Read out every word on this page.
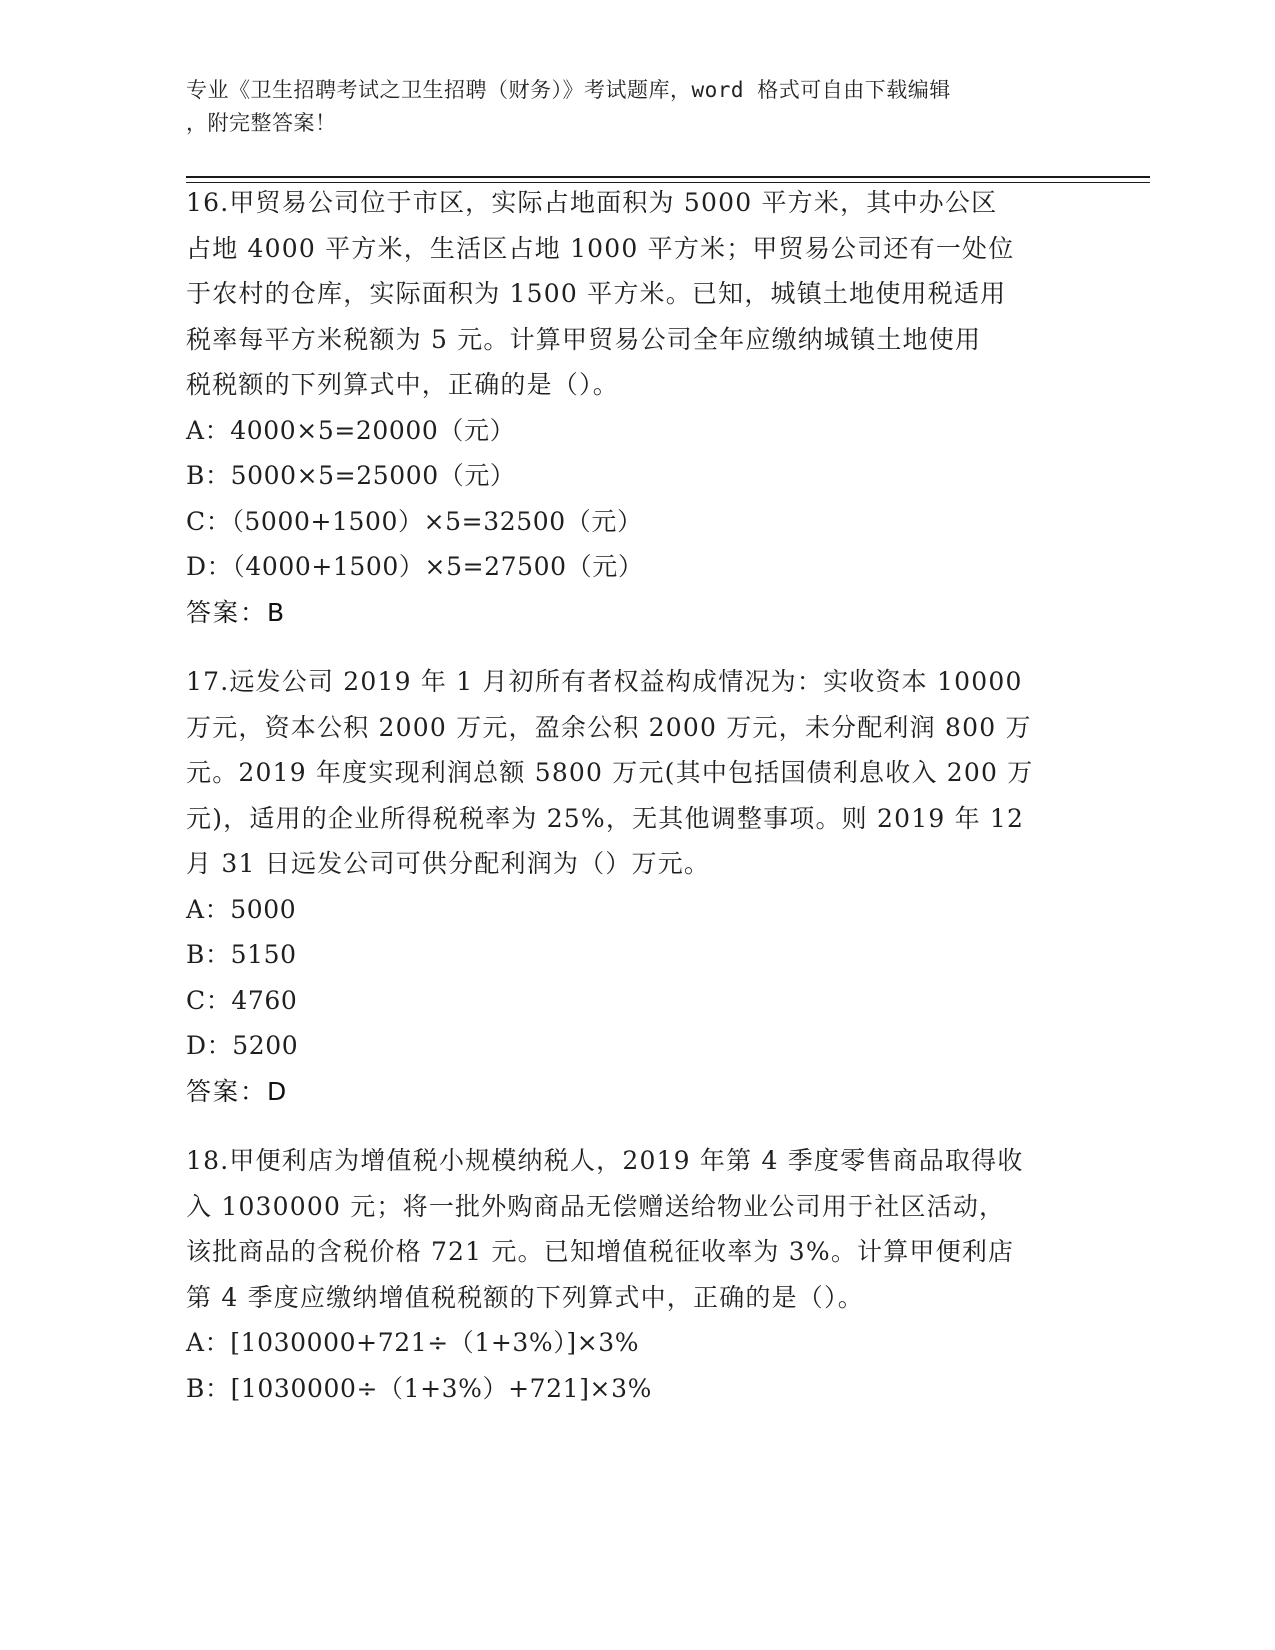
专业《卫生招聘考试之卫生招聘（财务）》考试题库，word 格式可自由下载编辑
，附完整答案！
16.甲贸易公司位于市区，实际占地面积为 5000 平方米，其中办公区
占地 4000 平方米，生活区占地 1000 平方米；甲贸易公司还有一处位
于农村的仓库，实际面积为 1500 平方米。已知，城镇土地使用税适用
税率每平方米税额为 5 元。计算甲贸易公司全年应缴纳城镇土地使用
税税额的下列算式中，正确的是（）。
A：4000×5=20000（元）
B：5000×5=25000（元）
C：（5000+1500）×5=32500（元）
D：（4000+1500）×5=27500（元）
答案：B
17.远发公司 2019 年 1 月初所有者权益构成情况为：实收资本 10000
万元，资本公积 2000 万元，盈余公积 2000 万元，未分配利润 800 万
元。2019 年度实现利润总额 5800 万元(其中包括国债利息收入 200 万
元)，适用的企业所得税税率为 25%，无其他调整事项。则 2019 年 12
月 31 日远发公司可供分配利润为（）万元。
A：5000
B：5150
C：4760
D：5200
答案：D
18.甲便利店为增值税小规模纳税人，2019 年第 4 季度零售商品取得收
入 1030000 元；将一批外购商品无偿赠送给物业公司用于社区活动，
该批商品的含税价格 721 元。已知增值税征收率为 3%。计算甲便利店
第 4 季度应缴纳增值税税额的下列算式中，正确的是（）。
A：[1030000+721÷（1+3%）]×3%
B：[1030000÷（1+3%）+721]×3%
